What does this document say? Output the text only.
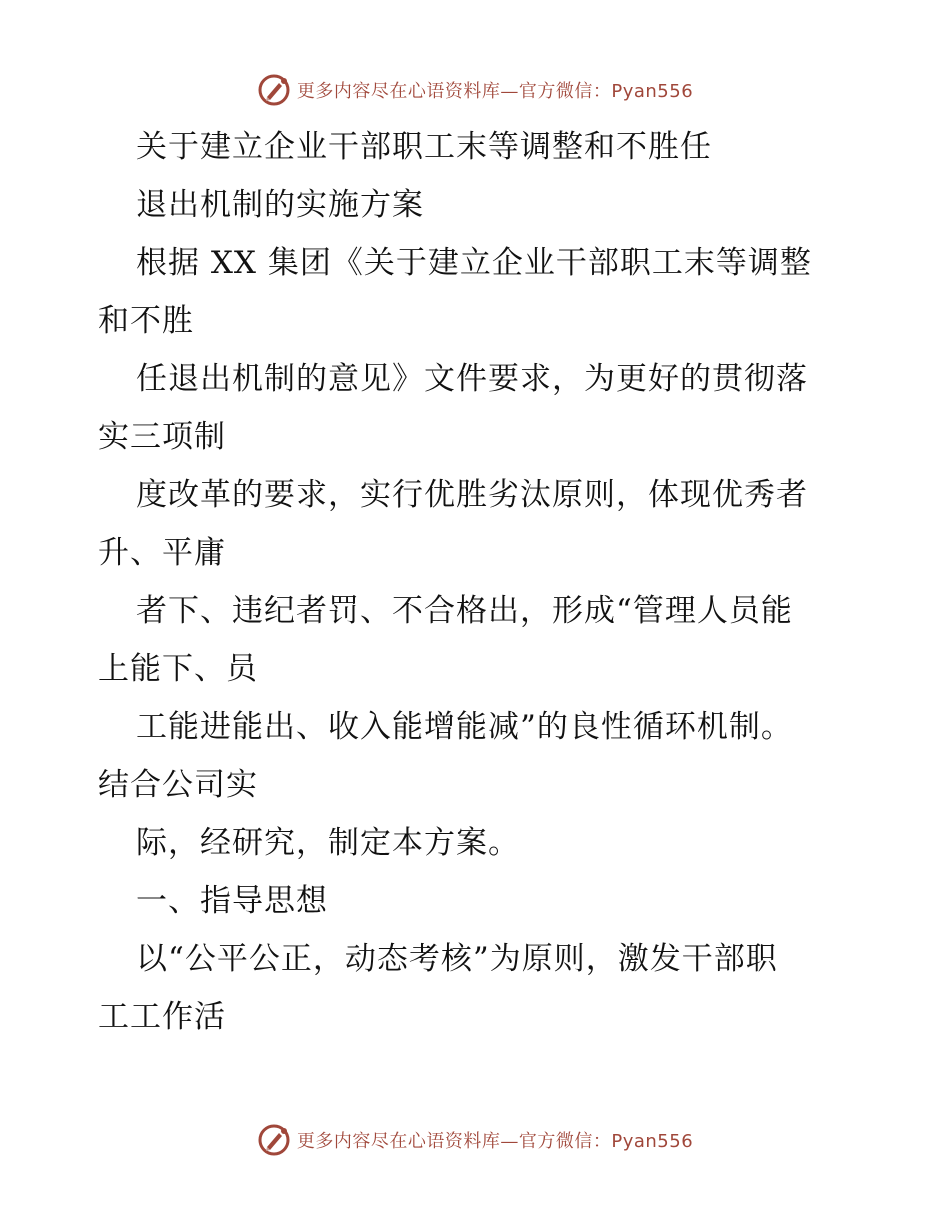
更多内容尽在心语资料库—官方微信：Pyan556
关于建立企业干部职工末等调整和不胜任
退出机制的实施方案
根据 XX 集团《关于建立企业干部职工末等调整
和不胜
任退出机制的意见》文件要求，为更好的贯彻落
实三项制
度改革的要求，实行优胜劣汰原则，体现优秀者
升、平庸
者下、违纪者罚、不合格出，形成“管理人员能
上能下、员
工能进能出、收入能增能减”的良性循环机制。
结合公司实
际，经研究，制定本方案。
一、指导思想
以“公平公正，动态考核”为原则，激发干部职
工工作活
更多内容尽在心语资料库—官方微信：Pyan556
